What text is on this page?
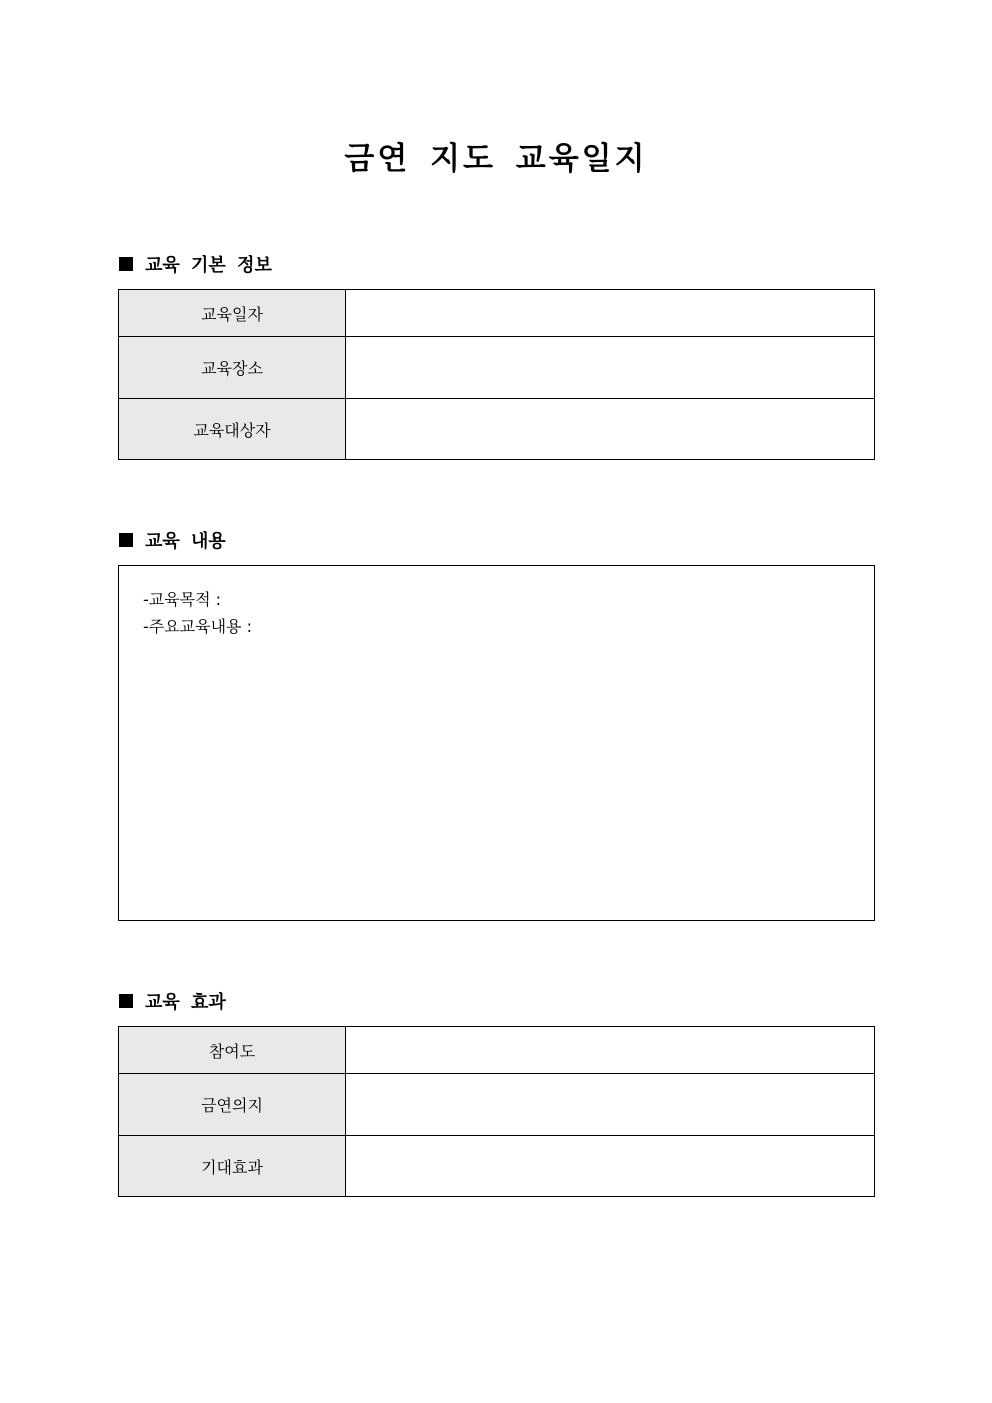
금연 지도 교육일지
교육 기본 정보
교육일자	
교육장소	
교육대상자	
교육 내용
-교육목적 :
-주요교육내용 :
교육 효과
참여도	
금연의지	
기대효과	
